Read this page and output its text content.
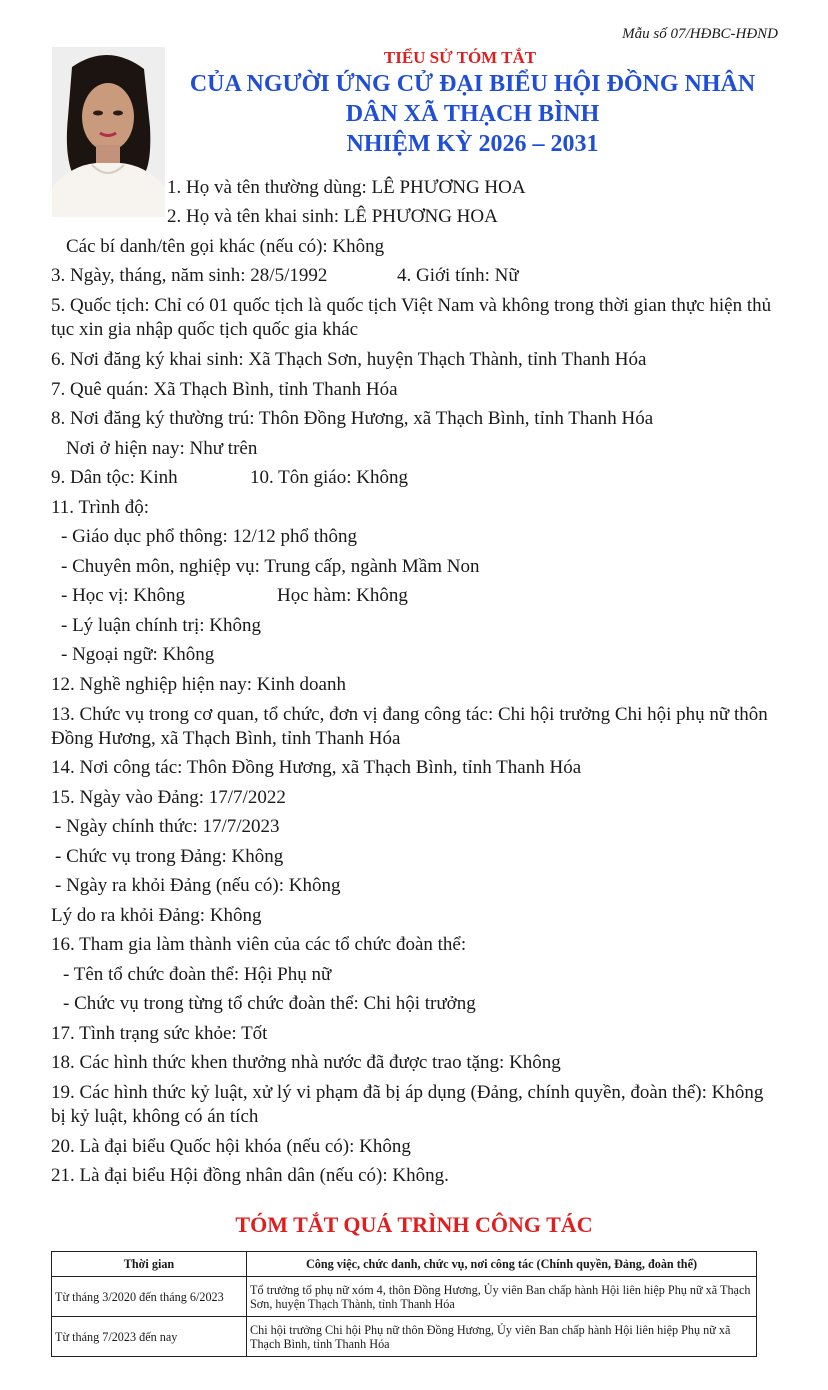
Mẫu số 07/HĐBC-HĐND
TIỂU SỬ TÓM TẮT
CỦA NGƯỜI ỨNG CỬ ĐẠI BIỂU HỘI ĐỒNG NHÂN
DÂN XÃ THẠCH BÌNH
NHIỆM KỲ 2026 – 2031
1. Họ và tên thường dùng: LÊ PHƯƠNG HOA
2. Họ và tên khai sinh: LÊ PHƯƠNG HOA
Các bí danh/tên gọi khác (nếu có): Không
3. Ngày, tháng, năm sinh: 28/5/1992	4. Giới tính: Nữ
5. Quốc tịch: Chỉ có 01 quốc tịch là quốc tịch Việt Nam và không trong thời gian thực hiện thủ tục xin gia nhập quốc tịch quốc gia khác
6. Nơi đăng ký khai sinh: Xã Thạch Sơn, huyện Thạch Thành, tỉnh Thanh Hóa
7. Quê quán: Xã Thạch Bình, tỉnh Thanh Hóa
8. Nơi đăng ký thường trú: Thôn Đồng Hương, xã Thạch Bình, tỉnh Thanh Hóa
Nơi ở hiện nay: Như trên
9. Dân tộc: Kinh	10. Tôn giáo: Không
11. Trình độ:
- Giáo dục phổ thông: 12/12 phổ thông
- Chuyên môn, nghiệp vụ: Trung cấp, ngành Mầm Non
- Học vị: Không	Học hàm: Không
- Lý luận chính trị: Không
- Ngoại ngữ: Không
12. Nghề nghiệp hiện nay: Kinh doanh
13. Chức vụ trong cơ quan, tổ chức, đơn vị đang công tác: Chi hội trưởng Chi hội phụ nữ thôn Đồng Hương, xã Thạch Bình, tỉnh Thanh Hóa
14. Nơi công tác: Thôn Đồng Hương, xã Thạch Bình, tỉnh Thanh Hóa
15. Ngày vào Đảng: 17/7/2022
- Ngày chính thức: 17/7/2023
- Chức vụ trong Đảng: Không
- Ngày ra khỏi Đảng (nếu có): Không
Lý do ra khỏi Đảng: Không
16. Tham gia làm thành viên của các tổ chức đoàn thể:
- Tên tổ chức đoàn thể: Hội Phụ nữ
- Chức vụ trong từng tổ chức đoàn thể: Chi hội trưởng
17. Tình trạng sức khỏe: Tốt
18. Các hình thức khen thưởng nhà nước đã được trao tặng: Không
19. Các hình thức kỷ luật, xử lý vi phạm đã bị áp dụng (Đảng, chính quyền, đoàn thể): Không bị kỷ luật, không có án tích
20. Là đại biểu Quốc hội khóa (nếu có): Không
21. Là đại biểu Hội đồng nhân dân (nếu có): Không.
TÓM TẮT QUÁ TRÌNH CÔNG TÁC
Thời gian	Công việc, chức danh, chức vụ, nơi công tác (Chính quyền, Đảng, đoàn thể)
Từ tháng 3/2020 đến tháng 6/2023	Tổ trưởng tổ phụ nữ xóm 4, thôn Đồng Hương, Ủy viên Ban chấp hành Hội liên hiệp Phụ nữ xã Thạch Sơn, huyện Thạch Thành, tỉnh Thanh Hóa
Từ tháng 7/2023 đến nay	Chi hội trưởng Chi hội Phụ nữ thôn Đồng Hương, Ủy viên Ban chấp hành Hội liên hiệp Phụ nữ xã Thạch Bình, tỉnh Thanh Hóa
